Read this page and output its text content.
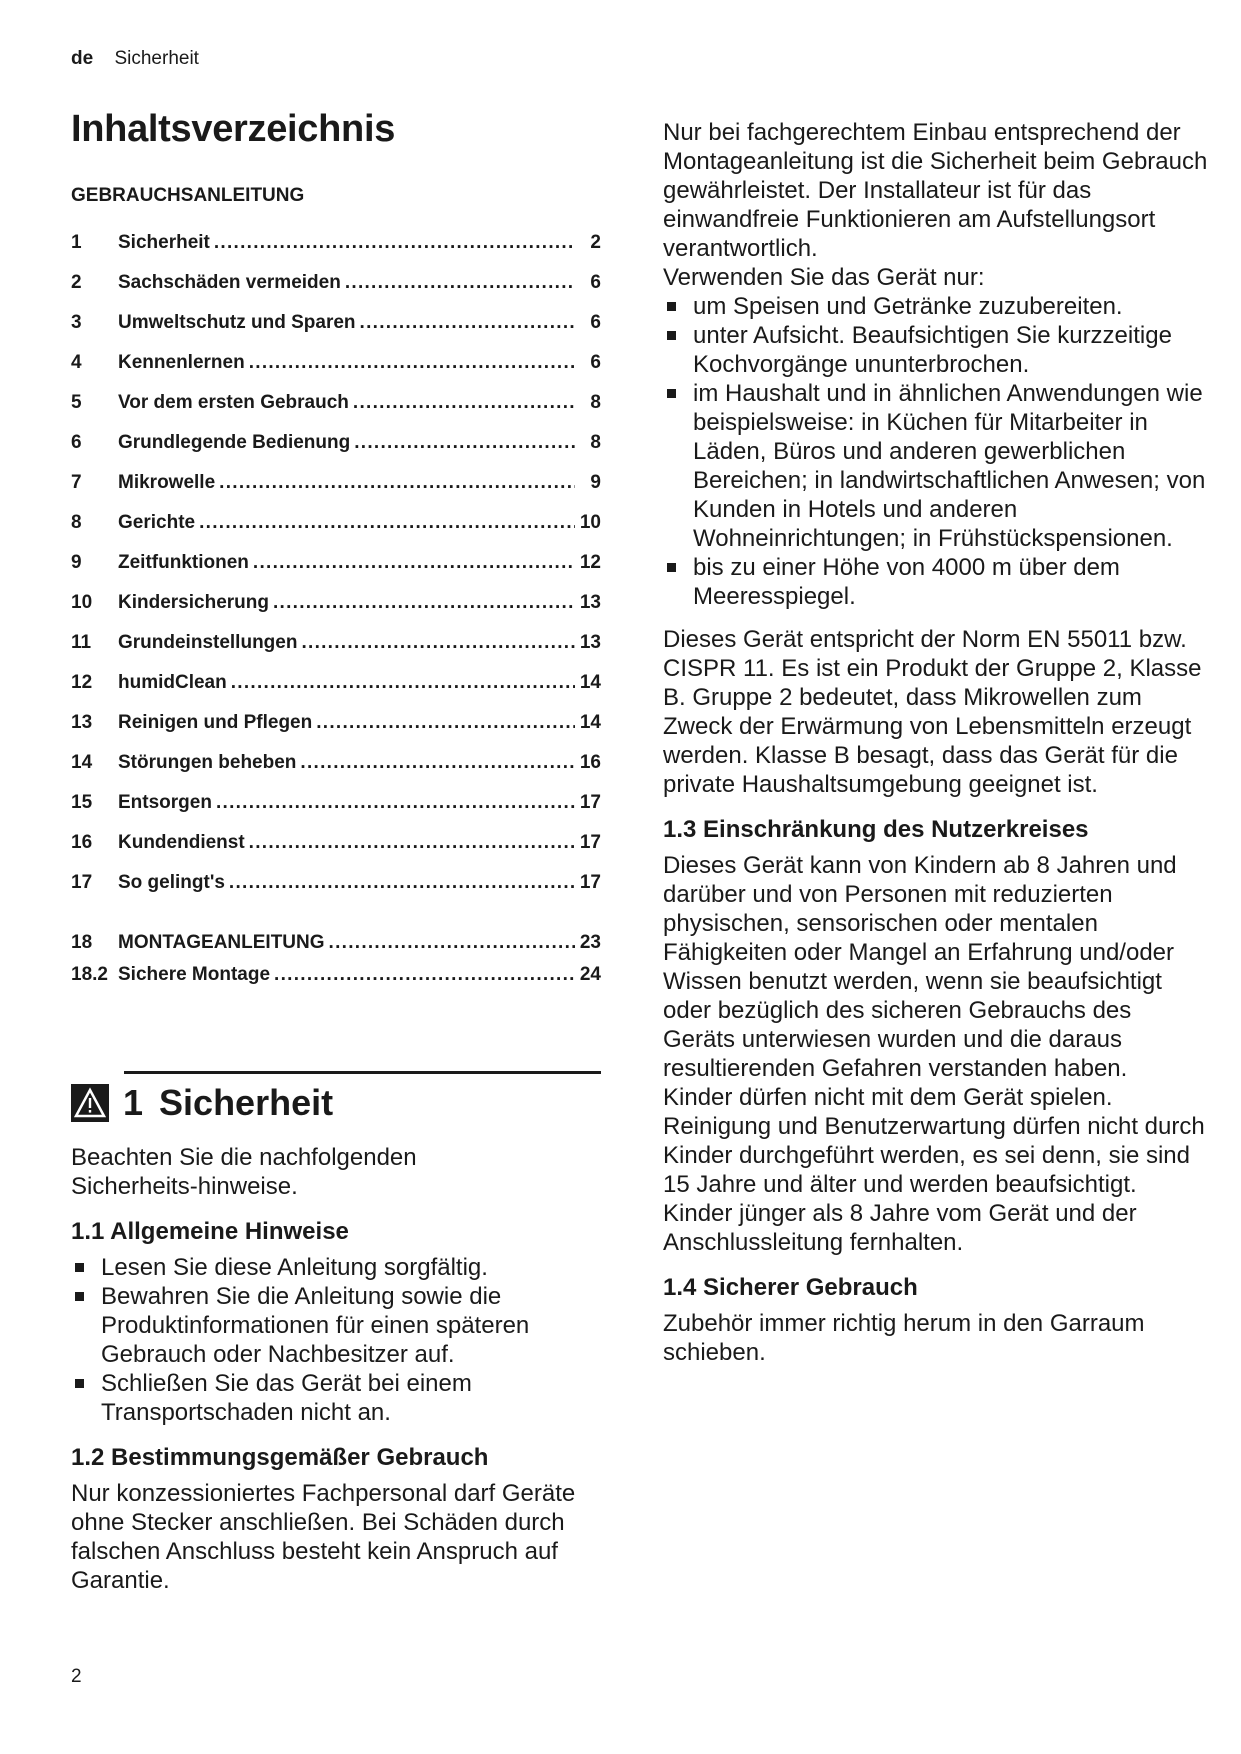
de Sicherheit
Inhaltsverzeichnis
GEBRAUCHSANLEITUNG
1	Sicherheit . . .	2
2	Sachschäden vermeiden . . .	6
3	Umweltschutz und Sparen . . .	6
4	Kennenlernen . . .	6
5	Vor dem ersten Gebrauch . . .	8
6	Grundlegende Bedienung . . .	8
7	Mikrowelle . . .	9
8	Gerichte . . .	10
9	Zeitfunktionen . . .	12
10	Kindersicherung . . .	13
11	Grundeinstellungen . . .	13
12	humidClean . . .	14
13	Reinigen und Pflegen . . .	14
14	Störungen beheben . . .	16
15	Entsorgen . . .	17
16	Kundendienst . . .	17
17	So gelingt's . . .	17
18	MONTAGEANLEITUNG . . .	23
18.2 Sichere Montage . . .	24
1 Sicherheit

Beachten Sie die nachfolgenden Sicherheits-hinweise.

1.1 Allgemeine Hinweise
Lesen Sie diese Anleitung sorgfältig.
Bewahren Sie die Anleitung sowie die Produktinformationen für einen späteren Gebrauch oder Nachbesitzer auf.
Schließen Sie das Gerät bei einem Transportschaden nicht an.
1.2 Bestimmungsgemäßer Gebrauch

Nur konzessioniertes Fachpersonal darf Geräte ohne Stecker anschließen. Bei Schäden durch falschen Anschluss besteht kein Anspruch auf Garantie.

Nur bei fachgerechtem Einbau entsprechend der Montageanleitung ist die Sicherheit beim Gebrauch gewährleistet. Der Installateur ist für das einwandfreie Funktionieren am Aufstellungsort verantwortlich.

Verwenden Sie das Gerät nur:

um Speisen und Getränke zuzubereiten.
unter Aufsicht. Beaufsichtigen Sie kurzzeitige Kochvorgänge ununterbrochen.
im Haushalt und in ähnlichen Anwendungen wie beispielsweise: in Küchen für Mitarbeiter in Läden, Büros und anderen gewerblichen Bereichen; in landwirtschaftlichen Anwesen; von Kunden in Hotels und anderen Wohneinrichtungen; in Frühstückspensionen.
bis zu einer Höhe von 4000 m über dem Meeresspiegel.

Dieses Gerät entspricht der Norm EN 55011 bzw. CISPR 11. Es ist ein Produkt der Gruppe 2, Klasse B. Gruppe 2 bedeutet, dass Mikrowellen zum Zweck der Erwärmung von Lebensmitteln erzeugt werden. Klasse B besagt, dass das Gerät für die private Haushaltsumgebung geeignet ist.

1.3 Einschränkung des Nutzerkreises

Dieses Gerät kann von Kindern ab 8 Jahren und darüber und von Personen mit reduzierten physischen, sensorischen oder mentalen Fähigkeiten oder Mangel an Erfahrung und/oder Wissen benutzt werden, wenn sie beaufsichtigt oder bezüglich des sicheren Gebrauchs des Geräts unterwiesen wurden und die daraus resultierenden Gefahren verstanden haben.

Kinder dürfen nicht mit dem Gerät spielen.

Reinigung und Benutzerwartung dürfen nicht durch Kinder durchgeführt werden, es sei denn, sie sind 15 Jahre und älter und werden beaufsichtigt.

Kinder jünger als 8 Jahre vom Gerät und der Anschlussleitung fernhalten.

1.4 Sicherer Gebrauch

Zubehör immer richtig herum in den Garraum schieben.

2
